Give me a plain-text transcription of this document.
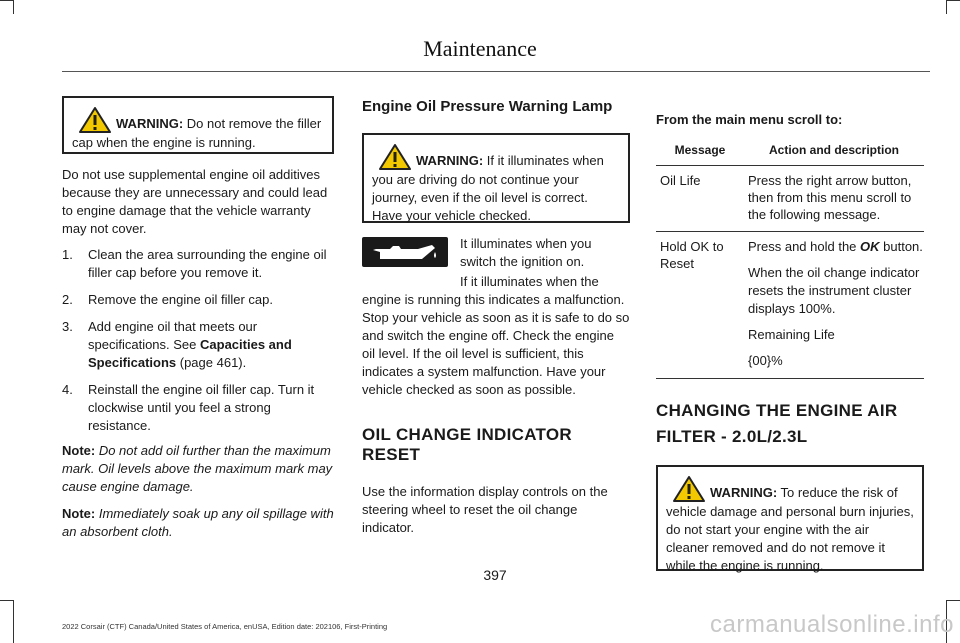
Maintenance
WARNING: Do not remove the filler cap when the engine is running.

Do not use supplemental engine oil additives because they are unnecessary and could lead to engine damage that the vehicle warranty may not cover.

1. Clean the area surrounding the engine oil filler cap before you remove it.
2. Remove the engine oil filler cap.
3. Add engine oil that meets our specifications. See Capacities and Specifications (page 461).
4. Reinstall the engine oil filler cap. Turn it clockwise until you feel a strong resistance.

Note: Do not add oil further than the maximum mark. Oil levels above the maximum mark may cause engine damage.

Note: Immediately soak up any oil spillage with an absorbent cloth.

Engine Oil Pressure Warning Lamp
WARNING: If it illuminates when you are driving do not continue your journey, even if the oil level is correct. Have your vehicle checked.

It illuminates when you switch the ignition on.

If it illuminates when the engine is running this indicates a malfunction. Stop your vehicle as soon as it is safe to do so and switch the engine off. Check the engine oil level. If the oil level is sufficient, this indicates a system malfunction. Have your vehicle checked as soon as possible.

OIL CHANGE INDICATOR RESET

Use the information display controls on the steering wheel to reset the oil change indicator.

From the main menu scroll to:

Message	Action and description
Oil Life	Press the right arrow button, then from this menu scroll to the following message.
Hold OK to Reset	Press and hold the OK button.

When the oil change indicator resets the instrument cluster displays 100%.

Remaining Life

{00}%

CHANGING THE ENGINE AIR
FILTER - 2.0L/2.3L
WARNING: To reduce the risk of vehicle damage and personal burn injuries, do not start your engine with the air cleaner removed and do not remove it while the engine is running.
397
2022 Corsair (CTF) Canada/United States of America, enUSA, Edition date: 202106, First-Printing	carmanualsonline.info
